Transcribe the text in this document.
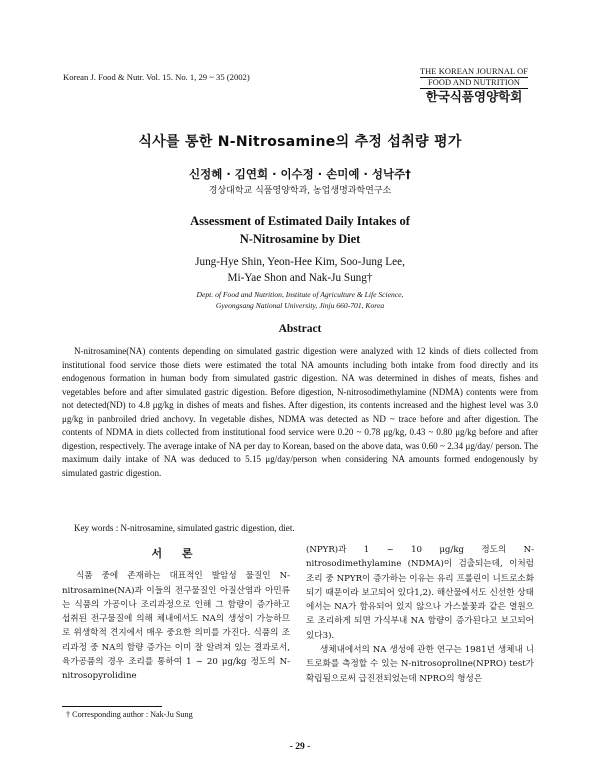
Korean J. Food & Nutr. Vol. 15. No. 1, 29 ~ 35 (2002)
THE KOREAN JOURNAL OF
FOOD AND NUTRITION
한국식품영양학회
식사를 통한 N-Nitrosamine의 추정 섭취량 평가
신정혜 · 김연희 · 이수정 · 손미예 · 성낙주†
경상대학교 식품영양학과, 농업생명과학연구소
Assessment of Estimated Daily Intakes of
N-Nitrosamine by Diet
Jung-Hye Shin, Yeon-Hee Kim, Soo-Jung Lee,
Mi-Yae Shon and Nak-Ju Sung†
Dept. of Food and Nutrition, Institute of Agriculture & Life Science,
Gyeongsang National University, Jinju 660-701, Korea
Abstract
N-nitrosamine(NA) contents depending on simulated gastric digestion were analyzed with 12 kinds of diets collected from institutional food service those diets were estimated the total NA amounts including both intake from food directly and its endogenous formation in human body from simulated gastric digestion. NA was determined in dishes of meats, fishes and vegetables before and after simulated gastric digestion. Before digestion, N-nitrosodimethylamine (NDMA) contents were from not detected(ND) to 4.8 μg/kg in dishes of meats and fishes. After digestion, its contents increased and the highest level was 3.0 μg/kg in panbroiled dried anchovy. In vegetable dishes, NDMA was detected as ND ~ trace before and after digestion. The contents of NDMA in diets collected from institutional food service were 0.20 ~ 0.78 μg/kg, 0.43 ~ 0.80 μg/kg before and after digestion, respectively. The average intake of NA per day to Korean, based on the above data, was 0.60 ~ 2.34 μg/day/ person. The maximum daily intake of NA was deduced to 5.15 μg/day/person when considering NA amounts formed endogenously by simulated gastric digestion.
Key words : N-nitrosamine, simulated gastric digestion, diet.
서 론

식품 중에 존재하는 대표적인 발암성 물질인 N-nitrosamine(NA)과 이들의 전구물질인 아질산염과 아민류는 식품의 가공이나 조리과정으로 인해 그 함량이 증가하고 섭취된 전구물질에 의해 체내에서도 NA의 생성이 가능하므로 위생학적 견지에서 매우 중요한 의미를 가진다. 식품의 조리과정 중 NA의 함량 증가는 이미 잘 알려져 있는 결과로서, 육가공품의 경우 조리를 통하여 1 ~ 20 μg/kg 정도의 N-nitrosopyrolidine

(NPYR)과 1 ~ 10 μg/kg 정도의 N-nitrosodimethylamine (NDMA)이 검출되는데, 이처럼 조리 중 NPYR이 증가하는 이유는 유리 프롤린이 니트로소화되기 때문이라 보고되어 있다1,2). 해산물에서도 신선한 상태에서는 NA가 함유되어 있지 않으나 가스불꽃과 같은 열원으로 조리하게 되면 가식부내 NA 함량이 증가된다고 보고되어 있다3).

생체내에서의 NA 생성에 관한 연구는 1981년 생체내 니트로화를 측정할 수 있는 N-nitrosoproline(NPRO) test가 확립됨으로써 급진전되었는데 NPRO의 형성은

† Corresponding author : Nak-Ju Sung
- 29 -
